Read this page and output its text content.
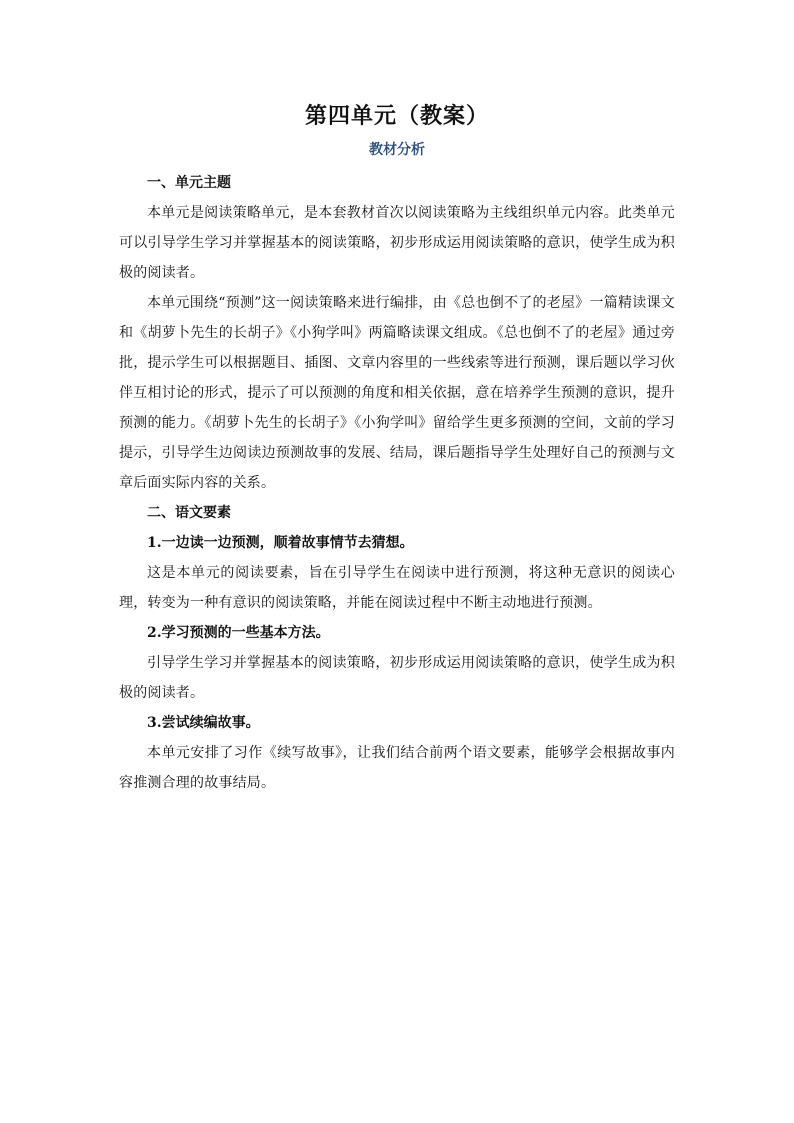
第四单元（教案）
教材分析

一、单元主题

本单元是阅读策略单元，是本套教材首次以阅读策略为主线组织单元内容。此类单元可以引导学生学习并掌握基本的阅读策略，初步形成运用阅读策略的意识，使学生成为积极的阅读者。

本单元围绕“预测”这一阅读策略来进行编排，由《总也倒不了的老屋》一篇精读课文和《胡萝卜先生的长胡子》《小狗学叫》两篇略读课文组成。《总也倒不了的老屋》通过旁批，提示学生可以根据题目、插图、文章内容里的一些线索等进行预测，课后题以学习伙伴互相讨论的形式，提示了可以预测的角度和相关依据，意在培养学生预测的意识，提升预测的能力。《胡萝卜先生的长胡子》《小狗学叫》留给学生更多预测的空间，文前的学习提示，引导学生边阅读边预测故事的发展、结局，课后题指导学生处理好自己的预测与文章后面实际内容的关系。

二、语文要素

1.一边读一边预测，顺着故事情节去猜想。

这是本单元的阅读要素，旨在引导学生在阅读中进行预测，将这种无意识的阅读心理，转变为一种有意识的阅读策略，并能在阅读过程中不断主动地进行预测。

2.学习预测的一些基本方法。

引导学生学习并掌握基本的阅读策略，初步形成运用阅读策略的意识，使学生成为积极的阅读者。

3.尝试续编故事。

本单元安排了习作《续写故事》，让我们结合前两个语文要素，能够学会根据故事内容推测合理的故事结局。
